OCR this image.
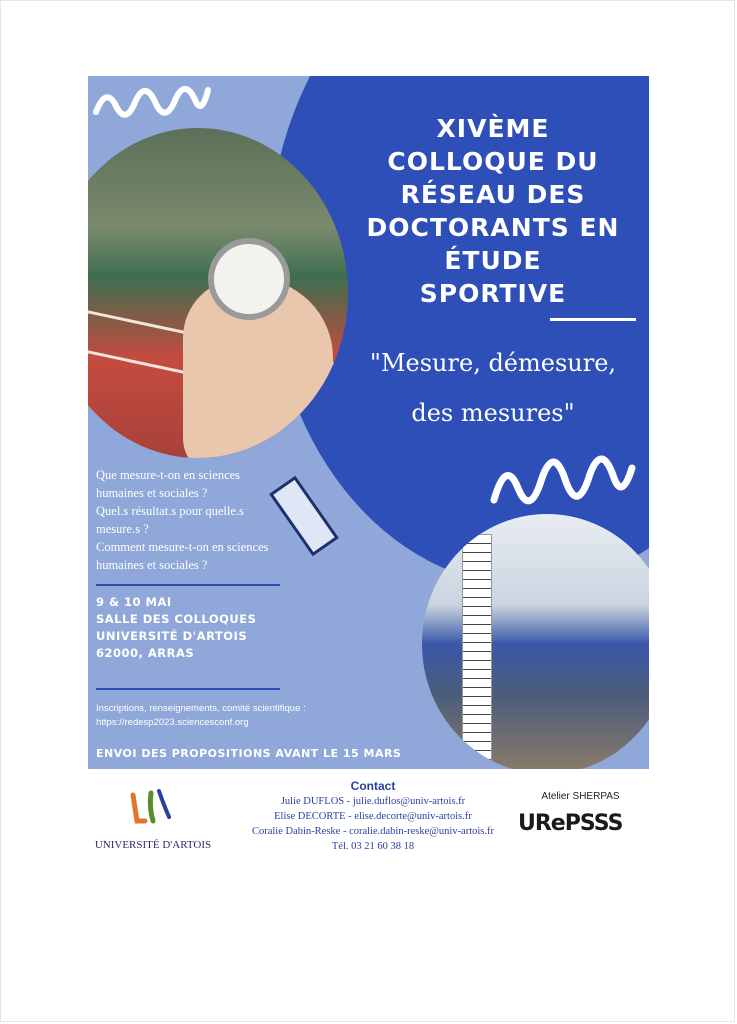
XIVÈME
COLLOQUE DU
RÉSEAU DES
DOCTORANTS EN
ÉTUDE
SPORTIVE
"Mesure, démesure,
des mesures"
Que mesure-t-on en sciences
humaines et sociales ?
Quel.s résultat.s pour quelle.s
mesure.s ?
Comment mesure-t-on en sciences
humaines et sociales ?
9 & 10 MAI
SALLE DES COLLOQUES
UNIVERSITÉ D'ARTOIS
62000, ARRAS
Inscriptions, renseignements, comité scientifique :
https://redesp2023.sciencesconf.org
ENVOI DES PROPOSITIONS AVANT LE 15 MARS
UNIVERSITÉ D'ARTOIS
Contact
Julie DUFLOS - julie.duflos@univ-artois.fr
Elise DECORTE - elise.decorte@univ-artois.fr
Coralie Dabin-Reske - coralie.dabin-reske@univ-artois.fr
Tél. 03 21 60 38 18
Atelier SHERPAS
URePSSS
